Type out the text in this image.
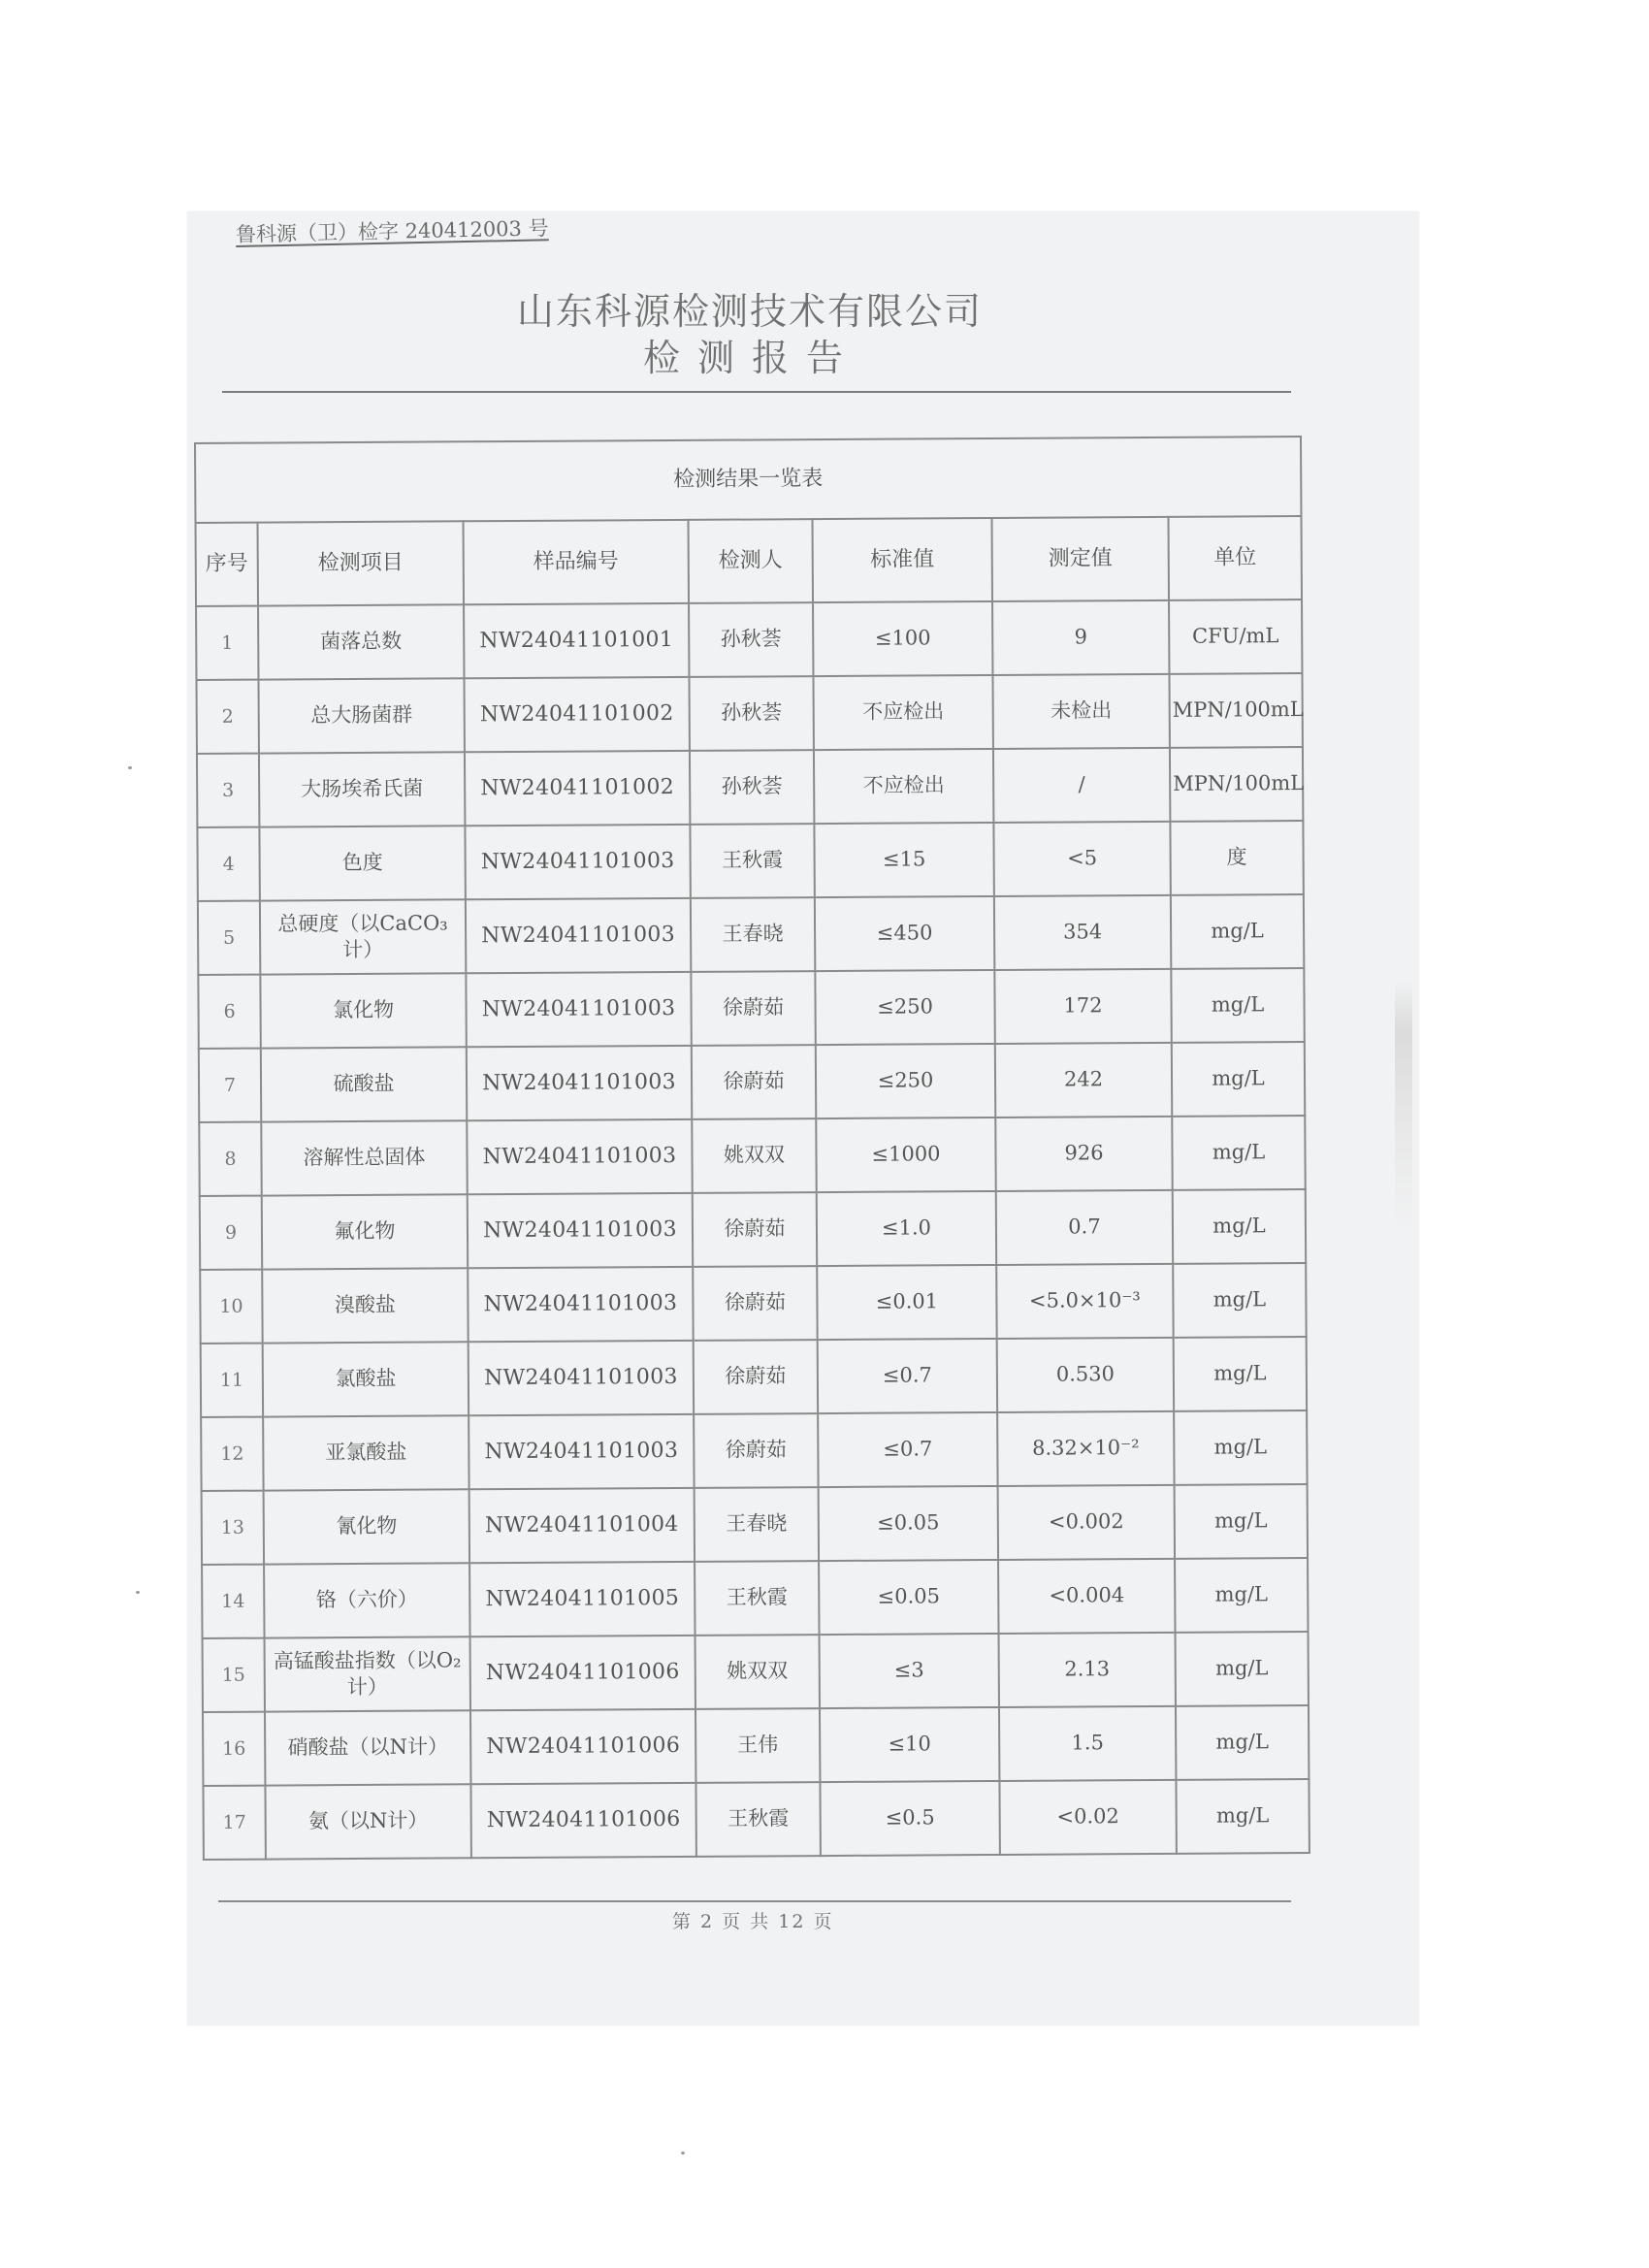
鲁科源（卫）检字 240412003 号
山东科源检测技术有限公司
检测报告
检测结果一览表						
序号	检测项目	样品编号	检测人	标准值	测定值	单位
1	菌落总数	NW24041101001	孙秋荟	≤100	9	CFU/mL
2	总大肠菌群	NW24041101002	孙秋荟	不应检出	未检出	MPN/100mL
3	大肠埃希氏菌	NW24041101002	孙秋荟	不应检出	/	MPN/100mL
4	色度	NW24041101003	王秋霞	≤15	<5	度
5	总硬度（以CaCO₃计）	NW24041101003	王春晓	≤450	354	mg/L
6	氯化物	NW24041101003	徐蔚茹	≤250	172	mg/L
7	硫酸盐	NW24041101003	徐蔚茹	≤250	242	mg/L
8	溶解性总固体	NW24041101003	姚双双	≤1000	926	mg/L
9	氟化物	NW24041101003	徐蔚茹	≤1.0	0.7	mg/L
10	溴酸盐	NW24041101003	徐蔚茹	≤0.01	<5.0×10⁻³	mg/L
11	氯酸盐	NW24041101003	徐蔚茹	≤0.7	0.530	mg/L
12	亚氯酸盐	NW24041101003	徐蔚茹	≤0.7	8.32×10⁻²	mg/L
13	氰化物	NW24041101004	王春晓	≤0.05	<0.002	mg/L
14	铬（六价）	NW24041101005	王秋霞	≤0.05	<0.004	mg/L
15	高锰酸盐指数（以O₂计）	NW24041101006	姚双双	≤3	2.13	mg/L
16	硝酸盐（以N计）	NW24041101006	王伟	≤10	1.5	mg/L
17	氨（以N计）	NW24041101006	王秋霞	≤0.5	<0.02	mg/L
第 2 页 共 12 页
